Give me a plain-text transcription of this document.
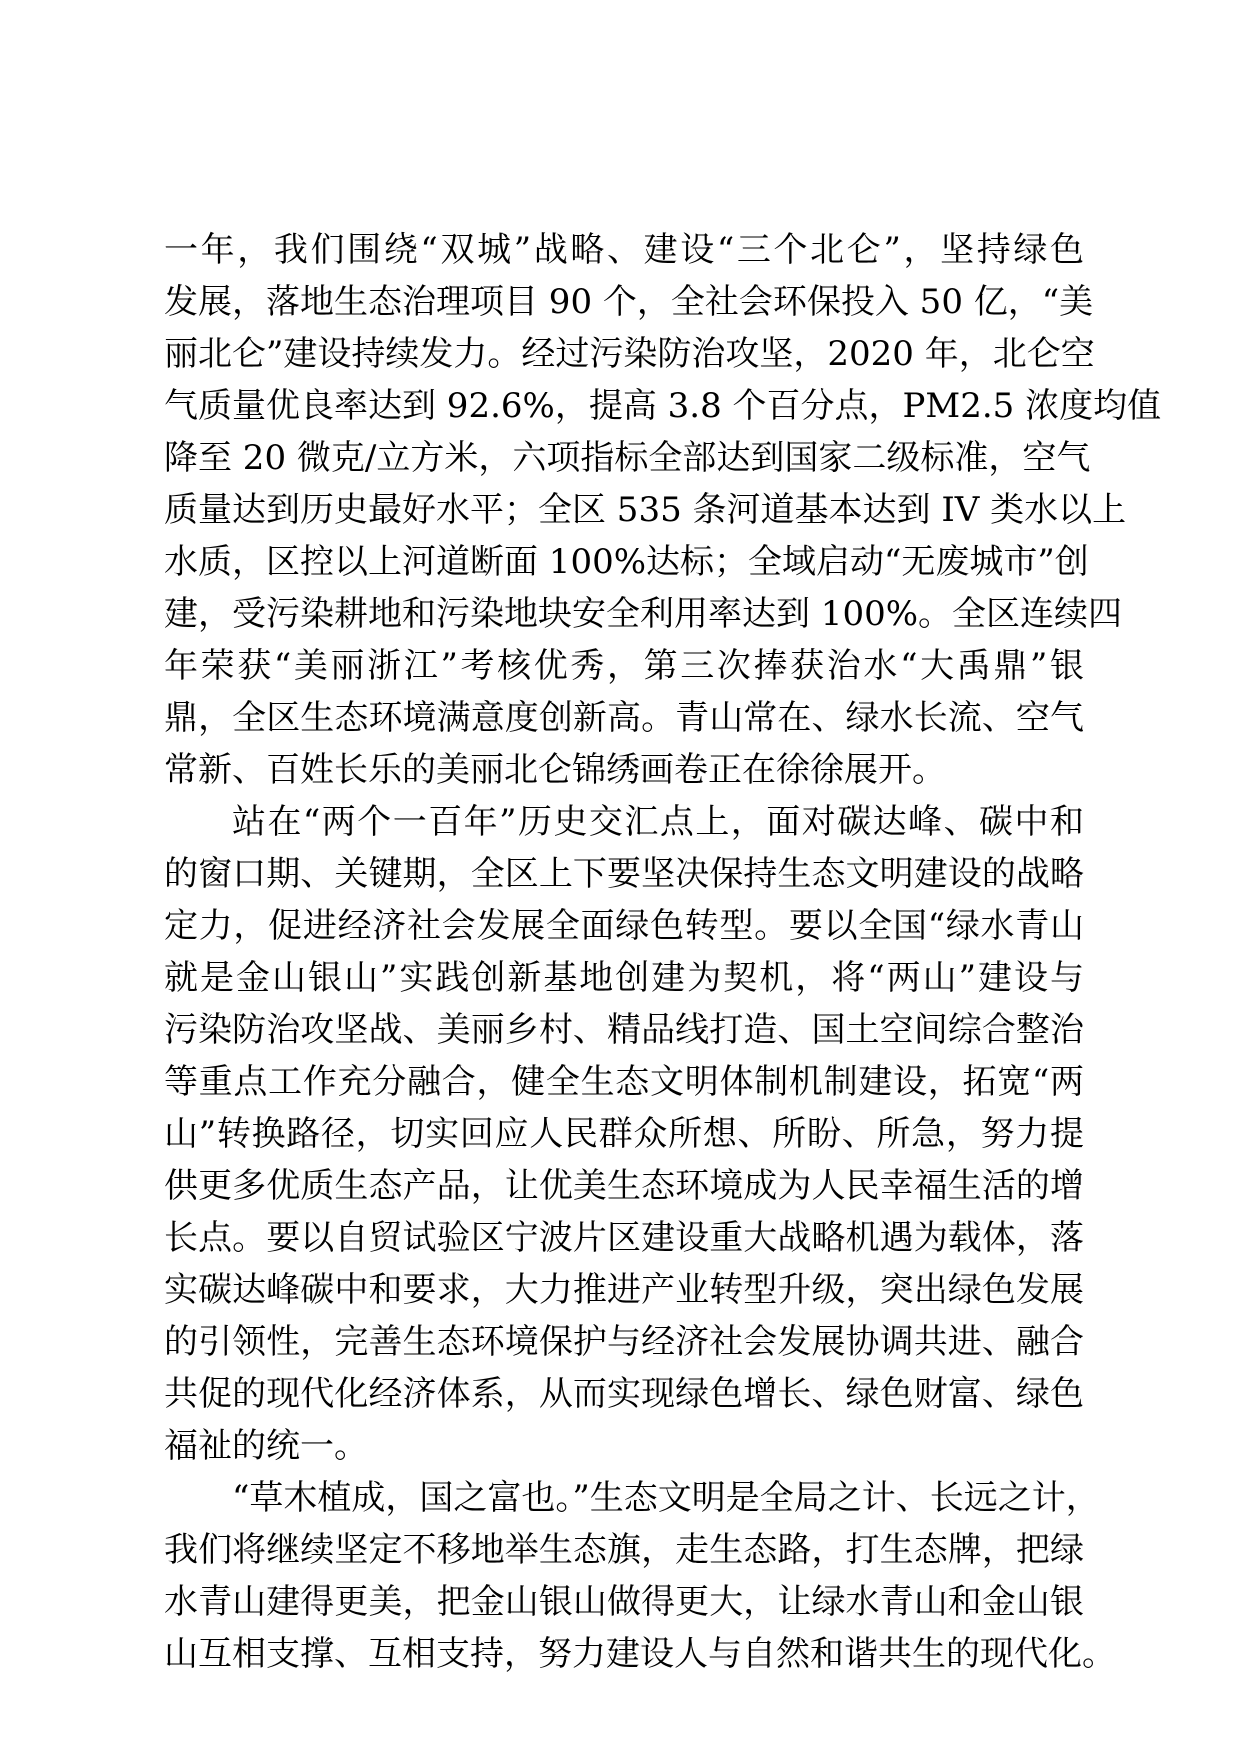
一年，我们围绕“双城”战略、建设“三个北仑”，坚持绿色
发展，落地生态治理项目 90 个，全社会环保投入 50 亿，“美
丽北仑”建设持续发力。经过污染防治攻坚，2020 年，北仑空
气质量优良率达到 92.6%，提高 3.8 个百分点，PM2.5 浓度均值
降至 20 微克/立方米，六项指标全部达到国家二级标准，空气
质量达到历史最好水平；全区 535 条河道基本达到 IV 类水以上
水质，区控以上河道断面 100%达标；全域启动“无废城市”创
建，受污染耕地和污染地块安全利用率达到 100%。全区连续四
年荣获“美丽浙江”考核优秀，第三次捧获治水“大禹鼎”银
鼎，全区生态环境满意度创新高。青山常在、绿水长流、空气
常新、百姓长乐的美丽北仑锦绣画卷正在徐徐展开。
站在“两个一百年”历史交汇点上，面对碳达峰、碳中和
的窗口期、关键期，全区上下要坚决保持生态文明建设的战略
定力，促进经济社会发展全面绿色转型。要以全国“绿水青山
就是金山银山”实践创新基地创建为契机，将“两山”建设与
污染防治攻坚战、美丽乡村、精品线打造、国土空间综合整治
等重点工作充分融合，健全生态文明体制机制建设，拓宽“两
山”转换路径，切实回应人民群众所想、所盼、所急，努力提
供更多优质生态产品，让优美生态环境成为人民幸福生活的增
长点。要以自贸试验区宁波片区建设重大战略机遇为载体，落
实碳达峰碳中和要求，大力推进产业转型升级，突出绿色发展
的引领性，完善生态环境保护与经济社会发展协调共进、融合
共促的现代化经济体系，从而实现绿色增长、绿色财富、绿色
福祉的统一。
“草木植成，国之富也。”生态文明是全局之计、长远之计，
我们将继续坚定不移地举生态旗，走生态路，打生态牌，把绿
水青山建得更美，把金山银山做得更大，让绿水青山和金山银
山互相支撑、互相支持，努力建设人与自然和谐共生的现代化。
